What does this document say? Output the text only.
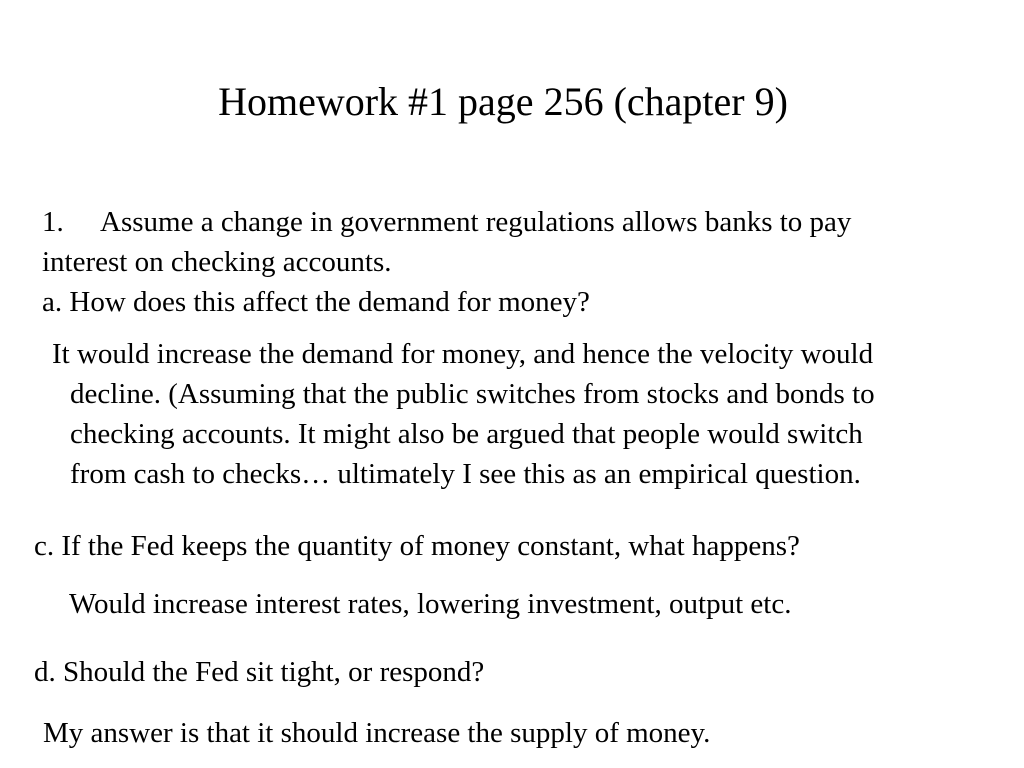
Homework #1 page 256 (chapter 9)
1. Assume a change in government regulations allows banks to pay
interest on checking accounts.
a. How does this affect the demand for money?
It would increase the demand for money, and hence the velocity would
decline. (Assuming that the public switches from stocks and bonds to
checking accounts. It might also be argued that people would switch
from cash to checks… ultimately I see this as an empirical question.
c. If the Fed keeps the quantity of money constant, what happens?
Would increase interest rates, lowering investment, output etc.
d. Should the Fed sit tight, or respond?
My answer is that it should increase the supply of money.
